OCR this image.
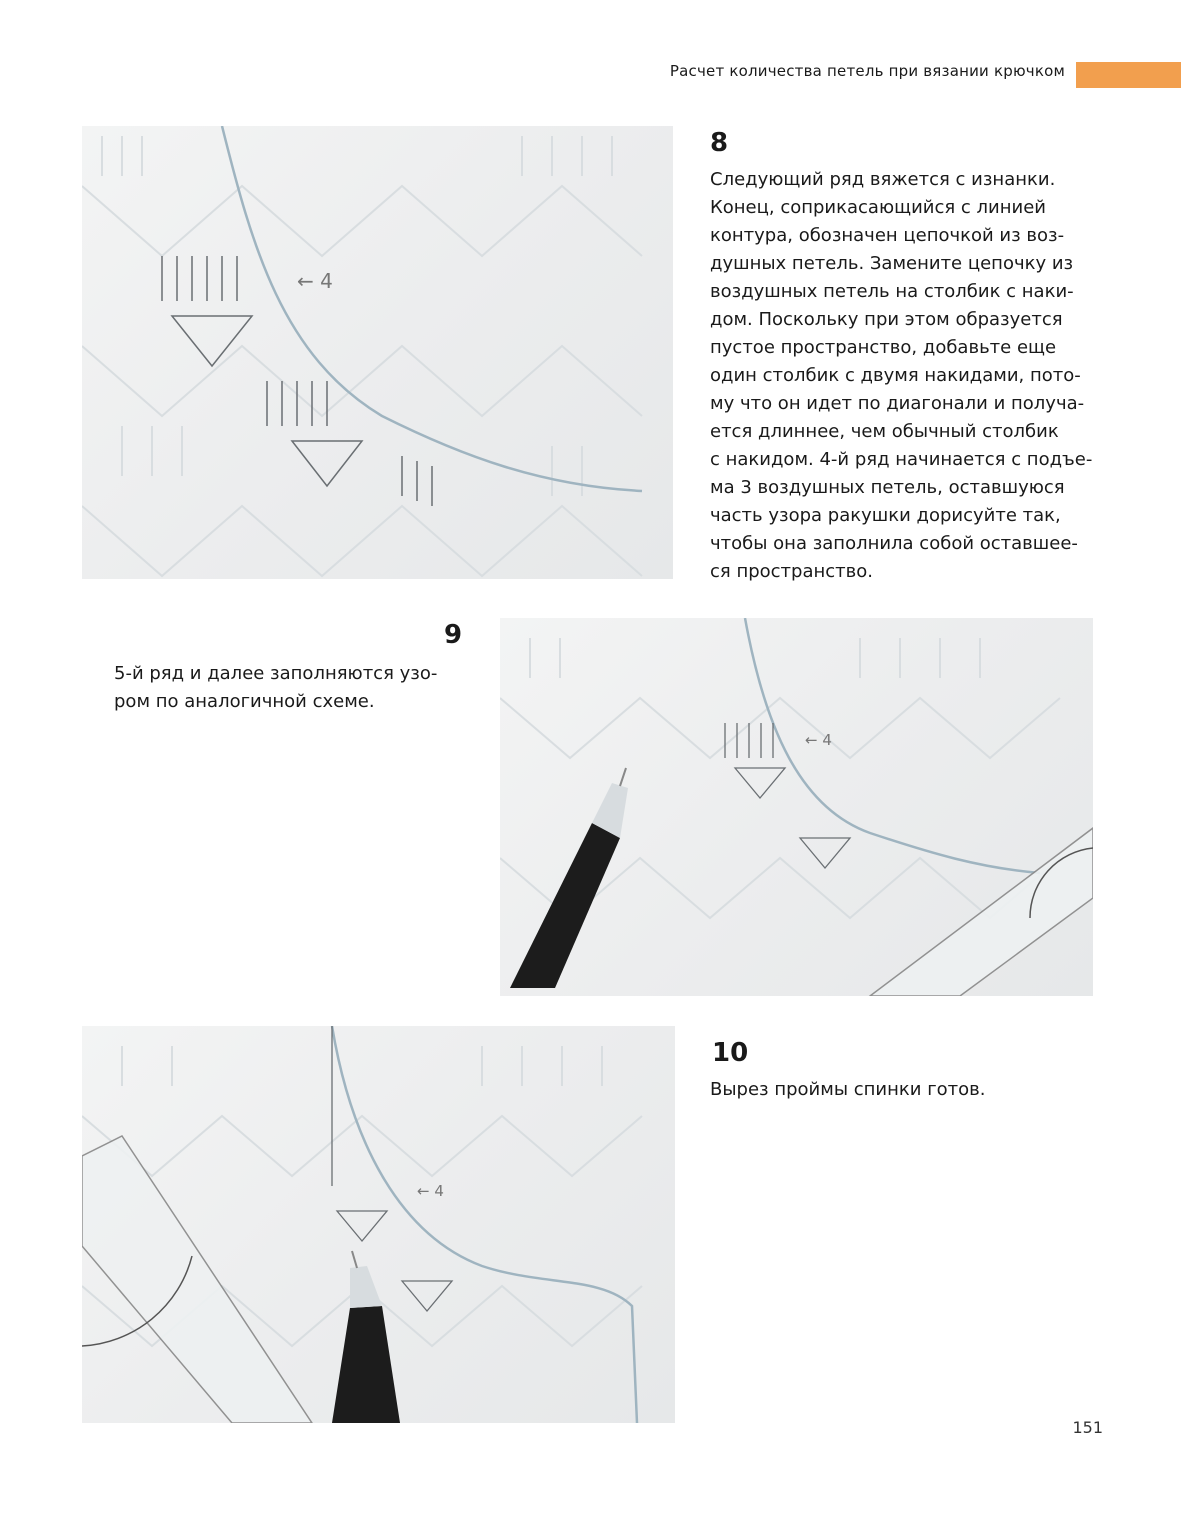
Расчет количества петель при вязании крючком
← 4
8
Следующий ряд вяжется с изнанки.
Конец, соприкасающийся с линией
контура, обозначен цепочкой из воз-
душных петель. Замените цепочку из
воздушных петель на столбик с наки-
дом. Поскольку при этом образуется
пустое пространство, добавьте еще
один столбик с двумя накидами, пото-
му что он идет по диагонали и получа-
ется длиннее, чем обычный столбик
с накидом. 4-й ряд начинается с подъе-
ма 3 воздушных петель, оставшуюся
часть узора ракушки дорисуйте так,
чтобы она заполнила собой оставшее-
ся пространство.
9
5-й ряд и далее заполняются узо-
ром по аналогичной схеме.
← 4
← 4
10
Вырез проймы спинки готов.
151
